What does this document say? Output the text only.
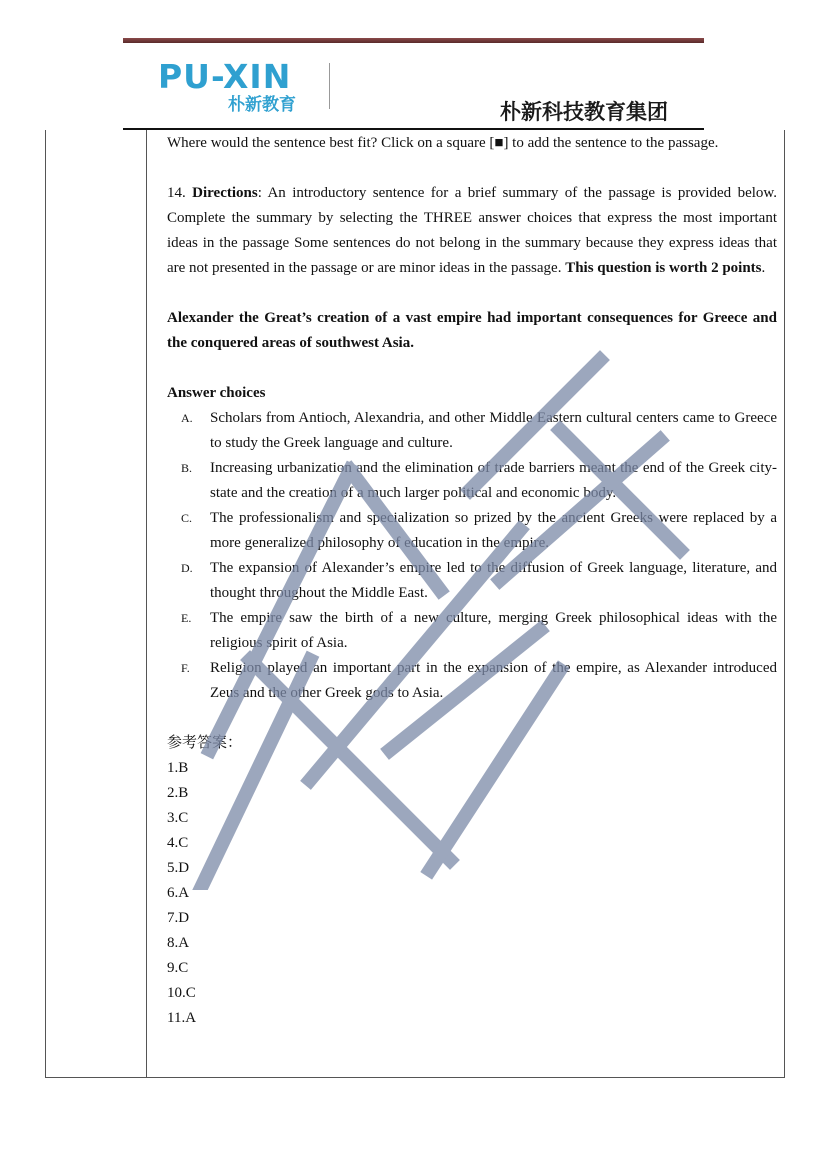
PU-XIN
朴新教育	朴新科技教育集团

Where would the sentence best fit? Click on a square [■] to add the sentence to the passage.

14. Directions: An introductory sentence for a brief summary of the passage is provided below. Complete the summary by selecting the THREE answer choices that express the most important ideas in the passage Some sentences do not belong in the summary because they express ideas that are not presented in the passage or are minor ideas in the passage. This question is worth 2 points.

Alexander the Great’s creation of a vast empire had important consequences for Greece and the conquered areas of southwest Asia.

Answer choices

A.	Scholars from Antioch, Alexandria, and other Middle Eastern cultural centers came to Greece to study the Greek language and culture.
B.	Increasing urbanization and the elimination of trade barriers meant the end of the Greek city-state and the creation of a much larger political and economic body.
C.	The professionalism and specialization so prized by the ancient Greeks were replaced by a more generalized philosophy of education in the empire.
D.	The expansion of Alexander’s empire led to the diffusion of Greek language, literature, and thought throughout the Middle East.
E.	The empire saw the birth of a new culture, merging Greek philosophical ideas with the religious spirit of Asia.
F.	Religion played an important part in the expansion of the empire, as Alexander introduced Zeus and the other Greek gods to Asia.

参考答案：

1.B

2.B

3.C

4.C

5.D

6.A

7.D

8.A

9.C

10.C

11.A
